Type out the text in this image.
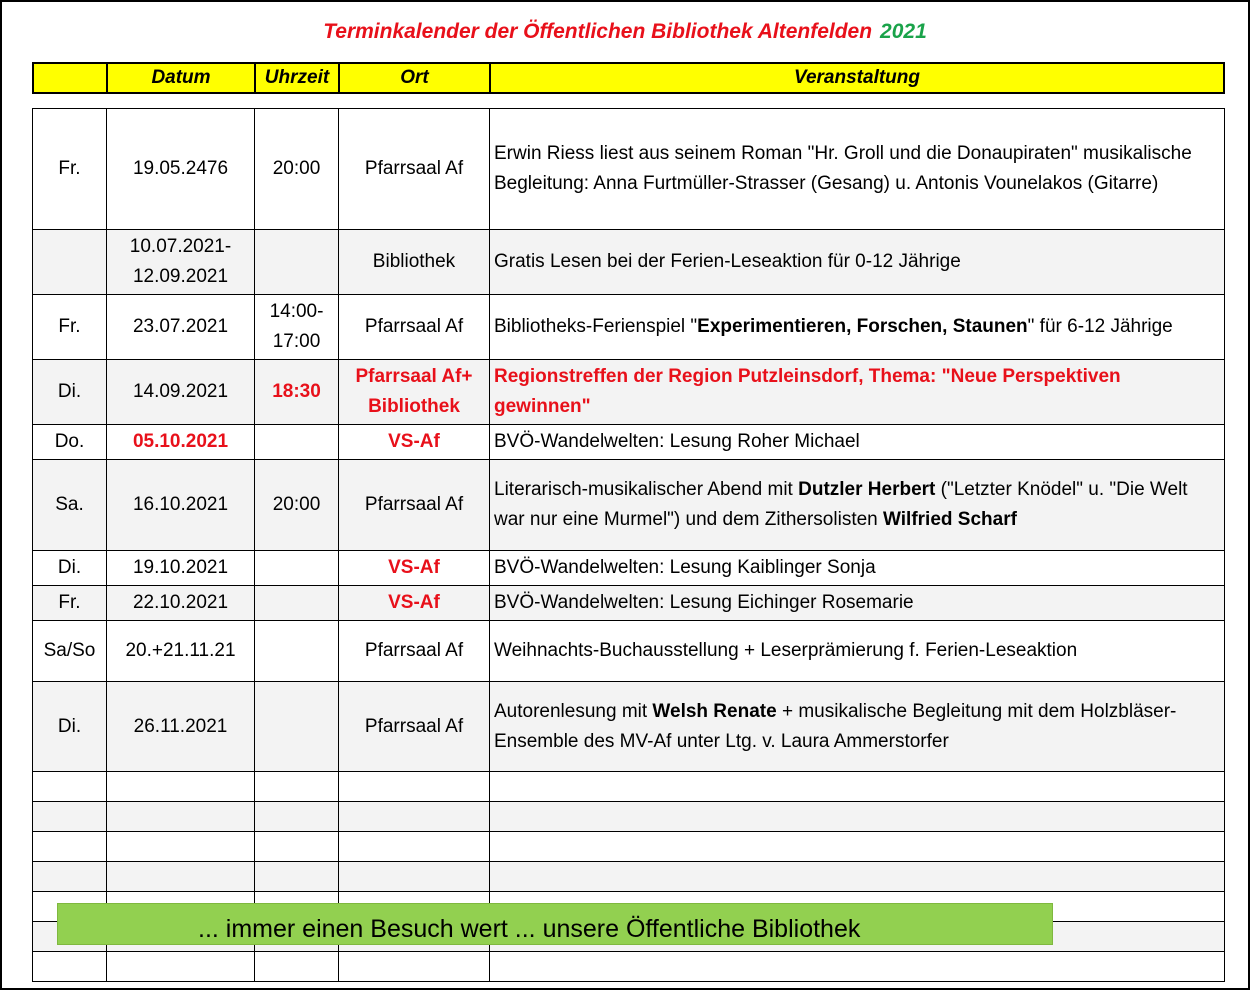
Terminkalender der Öffentlichen Bibliothek Altenfelden 2021
	Datum	Uhrzeit	Ort	Veranstaltung
Fr.	19.05.2476	20:00	Pfarrsaal Af	Erwin Riess liest aus seinem Roman "Hr. Groll und die Donaupiraten" musikalische Begleitung: Anna Furtmüller-Strasser (Gesang) u. Antonis Vounelakos (Gitarre)
	10.07.2021-12.09.2021		Bibliothek	Gratis Lesen bei der Ferien-Leseaktion für 0-12 Jährige
Fr.	23.07.2021	14:00-17:00	Pfarrsaal Af	Bibliotheks-Ferienspiel "Experimentieren, Forschen, Staunen" für 6-12 Jährige
Di.	14.09.2021	18:30	Pfarrsaal Af+ Bibliothek	Regionstreffen der Region Putzleinsdorf, Thema: "Neue Perspektiven gewinnen"
Do.	05.10.2021		VS-Af	BVÖ-Wandelwelten: Lesung Roher Michael
Sa.	16.10.2021	20:00	Pfarrsaal Af	Literarisch-musikalischer Abend mit Dutzler Herbert ("Letzter Knödel" u. "Die Welt war nur eine Murmel") und dem Zithersolisten Wilfried Scharf
Di.	19.10.2021		VS-Af	BVÖ-Wandelwelten: Lesung Kaiblinger Sonja
Fr.	22.10.2021		VS-Af	BVÖ-Wandelwelten: Lesung Eichinger Rosemarie
Sa/So	20.+21.11.21		Pfarrsaal Af	Weihnachts-Buchausstellung + Leserprämierung f. Ferien-Leseaktion
Di.	26.11.2021		Pfarrsaal Af	Autorenlesung mit Welsh Renate + musikalische Begleitung mit dem Holzbläser-Ensemble des MV-Af unter Ltg. v. Laura Ammerstorfer

... immer einen Besuch wert ... unsere Öffentliche Bibliothek
